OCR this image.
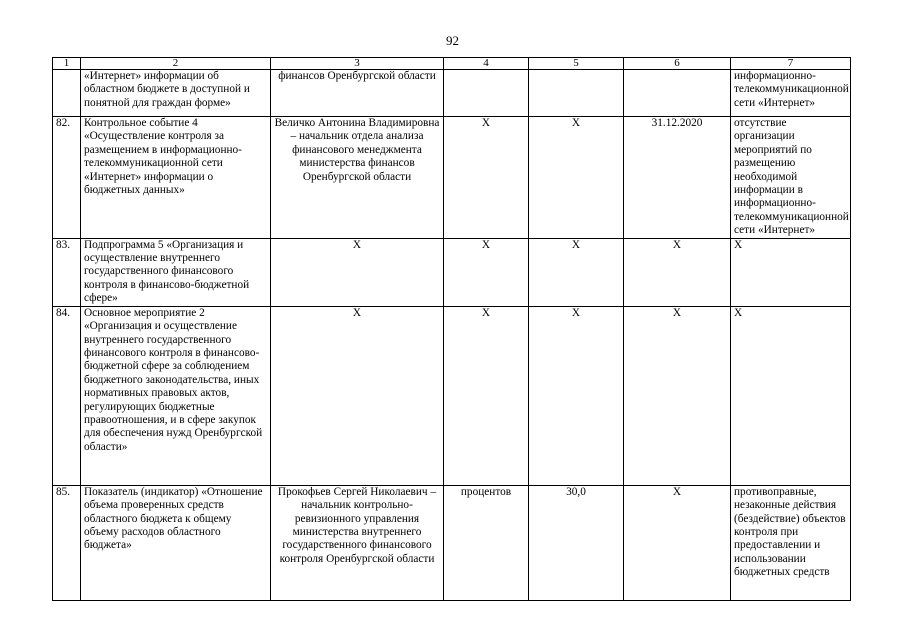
92
1	2	3	4	5	6	7
	«Интернет» информации об областном бюджете в доступной и понятной для граждан форме»	финансов Оренбургской области				информационно-телекоммуникационной сети «Интернет»
82.	Контрольное событие 4 «Осуществление контроля за размещением в информационно-телекоммуникационной сети «Интернет» информации о бюджетных данных»	Величко Антонина Владимировна – начальник отдела анализа финансового менеджмента министерства финансов Оренбургской области	X	X	31.12.2020	отсутствие организации мероприятий по размещению необходимой информации в информационно-телекоммуникационной сети «Интернет»
83.	Подпрограмма 5 «Организация и осуществление внутреннего государственного финансового контроля в финансово-бюджетной сфере»	X	X	X	X	X
84.	Основное мероприятие 2 «Организация и осуществление внутреннего государственного финансового контроля в финансово-бюджетной сфере за соблюдением бюджетного законодательства, иных нормативных правовых актов, регулирующих бюджетные правоотношения, и в сфере закупок для обеспечения нужд Оренбургской области»	X	X	X	X	X
85.	Показатель (индикатор) «Отношение объема проверенных средств областного бюджета к общему объему расходов областного бюджета»	Прокофьев Сергей Николаевич – начальник контрольно-ревизионного управления министерства внутреннего государственного финансового контроля Оренбургской области	процентов	30,0	X	противоправные, незаконные действия (бездействие) объектов контроля при предоставлении и использовании бюджетных средств
